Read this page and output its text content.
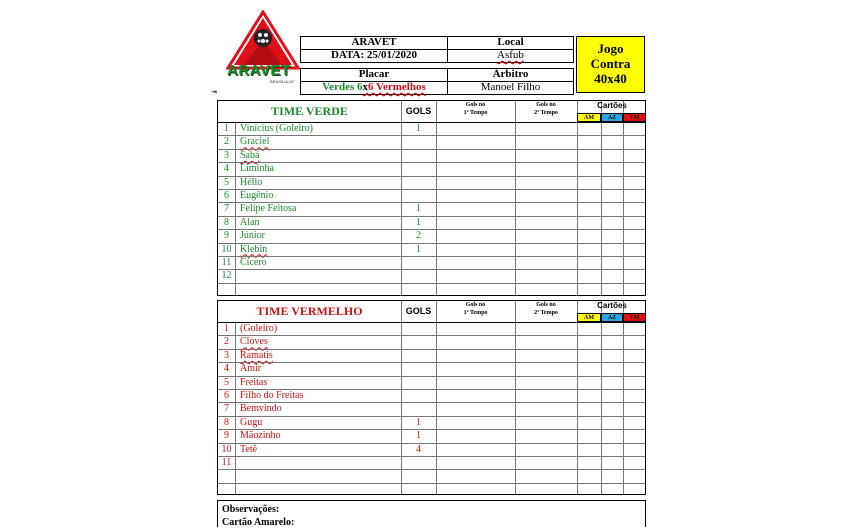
ARAVET
BRASÍLIA-DF
ARAVET
DATA: 25/01/2020
Local
Asfub
Placar
Verdes 6x6 Vermelhos
Árbitro
Manoel Filho
Jogo
Contra
40x40
⇥
TIME VERDE	GOLS
Gols no
1º Tempo
Gols no
2º Tempo
Cartões
AM	AZ	VM
1	Vinícius (Goleiro)	1
2	Graciel
3	Sabá
4	Liminha
5	Hélio
6	Eugênio
7	Felipe Feitosa	1
8	Alan	1
9	Júnior	2
10 Klebin	1
11 Cícero
12
TIME VERMELHO	GOLS
Gols no
1º Tempo
Gols no
2º Tempo
Cartões
AM	AZ	VM
1	(Goleiro)
2	Cloves
3	Ramatis
4	Amir
5	Freitas
6	Filho do Freitas
7	Bemvindo
8	Gugu	1
9	Mãozinho	1
10 Tetê	4
11
Observações:
Cartão Amarelo:
